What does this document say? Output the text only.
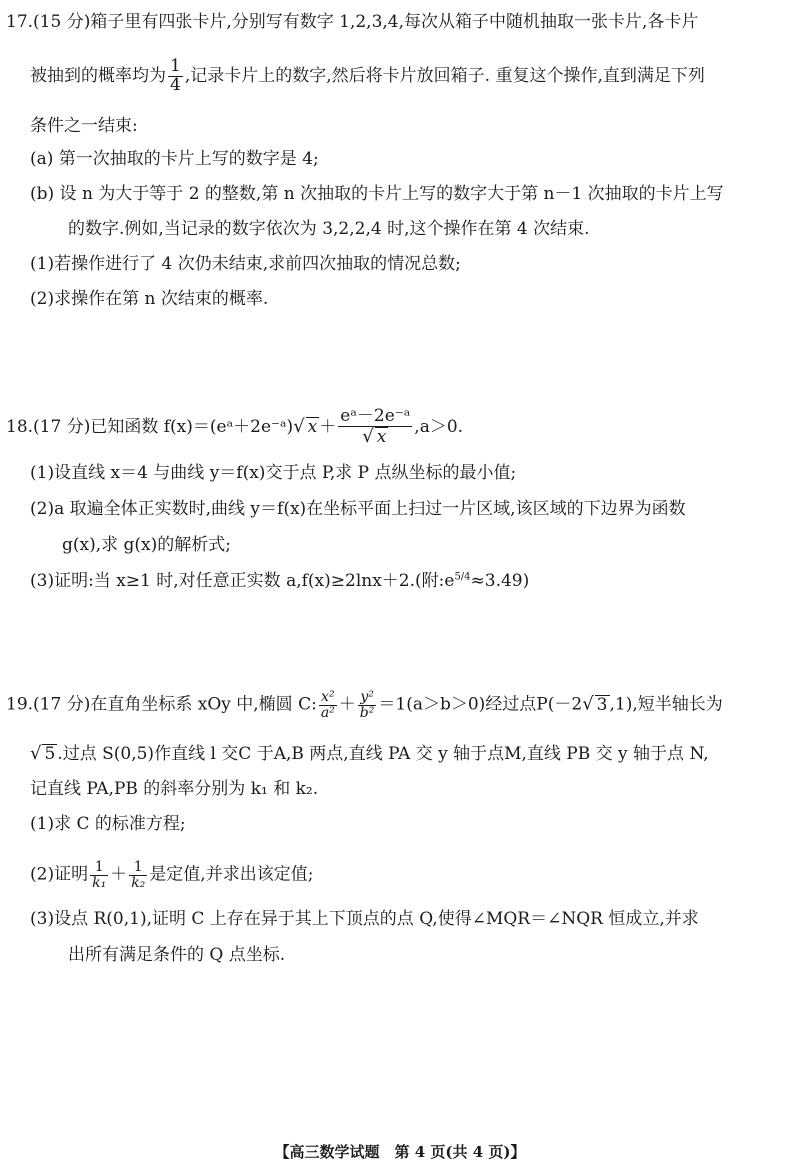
17.(15 分)箱子里有四张卡片,分别写有数字 1,2,3,4,每次从箱子中随机抽取一张卡片,各卡片
被抽到的概率均为 $\frac{1}{4}$ ,记录卡片上的数字,然后将卡片放回箱子. 重复这个操作,直到满足下列
条件之一结束:
(a) 第一次抽取的卡片上写的数字是 4;
(b) 设 n 为大于等于 2 的整数,第 n 次抽取的卡片上写的数字大于第 n－1 次抽取的卡片上写
的数字.例如,当记录的数字依次为 3,2,2,4 时,这个操作在第 4 次结束.
(1)若操作进行了 4 次仍未结束,求前四次抽取的情况总数;
(2)求操作在第 n 次结束的概率.
18.(17 分)已知函数 f(x)＝(eᵃ＋2e⁻ᵃ)√ $x + \frac{\text{eᵃ－2e⁻ᵃ}}{√ x} ,a>0$.
(1)设直线 x＝4 与曲线 y＝f(x)交于点 P,求 P 点纵坐标的最小值;
(2)a 取遍全体正实数时,曲线 y＝f(x)在坐标平面上扫过一片区域,该区域的下边界为函数
g(x),求 g(x)的解析式;
(3)证明:当 x≥1 时,对任意正实数 a,f(x)≥2lnx＋2.(附$:e^{5/4}\approx 3.49$)
19.(17 分)在直角坐标系 xOy 中,椭圆 C: $\frac{\text{x²}}{\text{a²}} + \frac{\text{y²}}{\text{b²}} =1(a>b>0)$经过点P(－2√ 3 ,1),短半轴长为
√ 5 .过点 S(0,5)作直线 l 交C 于A,B 两点,直线 PA 交 y 轴于点M,直线 PB 交 y 轴于点 N,
记直线 PA,PB 的斜率分别为 k₁ 和 k₂.
(1)求 C 的标准方程;
(2)证明 $\frac{1}{\text{k₁}} + \frac{1}{\text{k₂}}$ 是定值,并求出该定值;
(3)设点 R(0,1),证明 C 上存在异于其上下顶点的点 Q,使得∠MQR＝∠NQR 恒成立,并求
出所有满足条件的 Q 点坐标.
【高三数学试题　第 4 页(共 4 页)】
